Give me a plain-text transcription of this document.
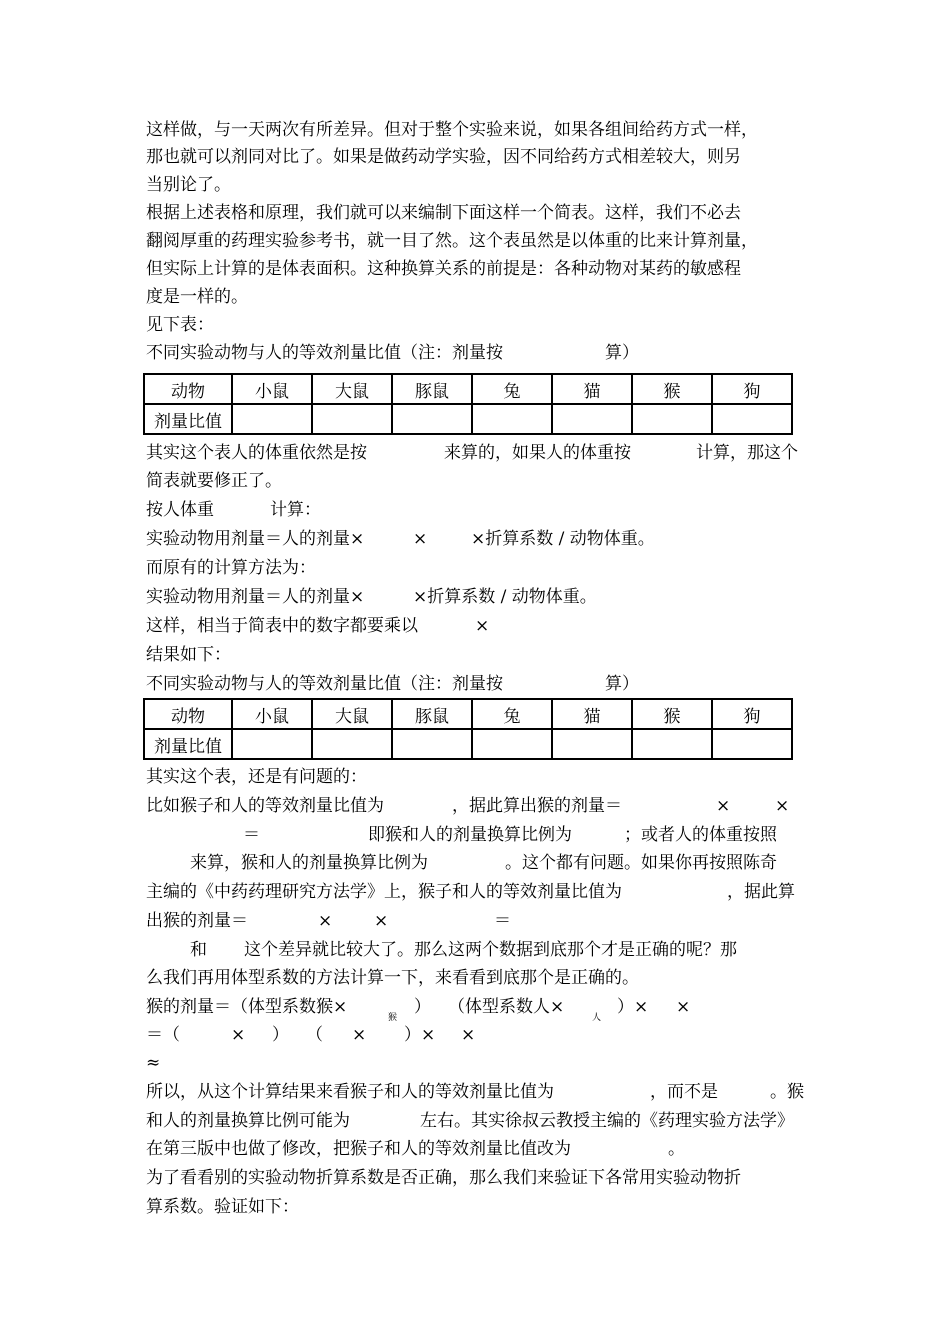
这样做，与一天两次有所差异。但对于整个实验来说，如果各组间给药方式一样，
那也就可以剂同对比了。如果是做药动学实验，因不同给药方式相差较大，则另
当别论了。
根据上述表格和原理，我们就可以来编制下面这样一个简表。这样，我们不必去
翻阅厚重的药理实验参考书，就一目了然。这个表虽然是以体重的比来计算剂量，
但实际上计算的是体表面积。这种换算关系的前提是：各种动物对某药的敏感程
度是一样的。
见下表：
不同实验动物与人的等效剂量比值（注：剂量按	算）
动物	小鼠	大鼠	豚鼠	兔	猫	猴	狗
剂量比值							
其实这个表人的体重依然是按	来算的，如果人的体重按	计算，那这个
简表就要修正了。
按人体重	计算：
实验动物用剂量＝人的剂量×	×	×折算系数 / 动物体重。
而原有的计算方法为：
实验动物用剂量＝人的剂量×	×折算系数 / 动物体重。
这样，相当于简表中的数字都要乘以	×
结果如下：
不同实验动物与人的等效剂量比值（注：剂量按	算）
动物	小鼠	大鼠	豚鼠	兔	猫	猴	狗
剂量比值							
其实这个表，还是有问题的：
比如猴子和人的等效剂量比值为	，据此算出猴的剂量＝	×	×
＝	即猴和人的剂量换算比例为	；或者人的体重按照
来算，猴和人的剂量换算比例为	。这个都有问题。如果你再按照陈奇
主编的《中药药理研究方法学》上，猴子和人的等效剂量比值为	，据此算
出猴的剂量＝	× ×	＝
和 这个差异就比较大了。那么这两个数据到底那个才是正确的呢？那
么我们再用体型系数的方法计算一下，来看看到底那个是正确的。
猴的剂量＝（体型系数猴×
猴
） （体型系数人×
人
）× ×
＝（	× ） （ × ）× ×
≈
所以，从这个计算结果来看猴子和人的等效剂量比值为	，而不是	。猴
和人的剂量换算比例可能为	左右。其实徐叔云教授主编的《药理实验方法学》
在第三版中也做了修改，把猴子和人的等效剂量比值改为	。
为了看看别的实验动物折算系数是否正确，那么我们来验证下各常用实验动物折
算系数。验证如下：
